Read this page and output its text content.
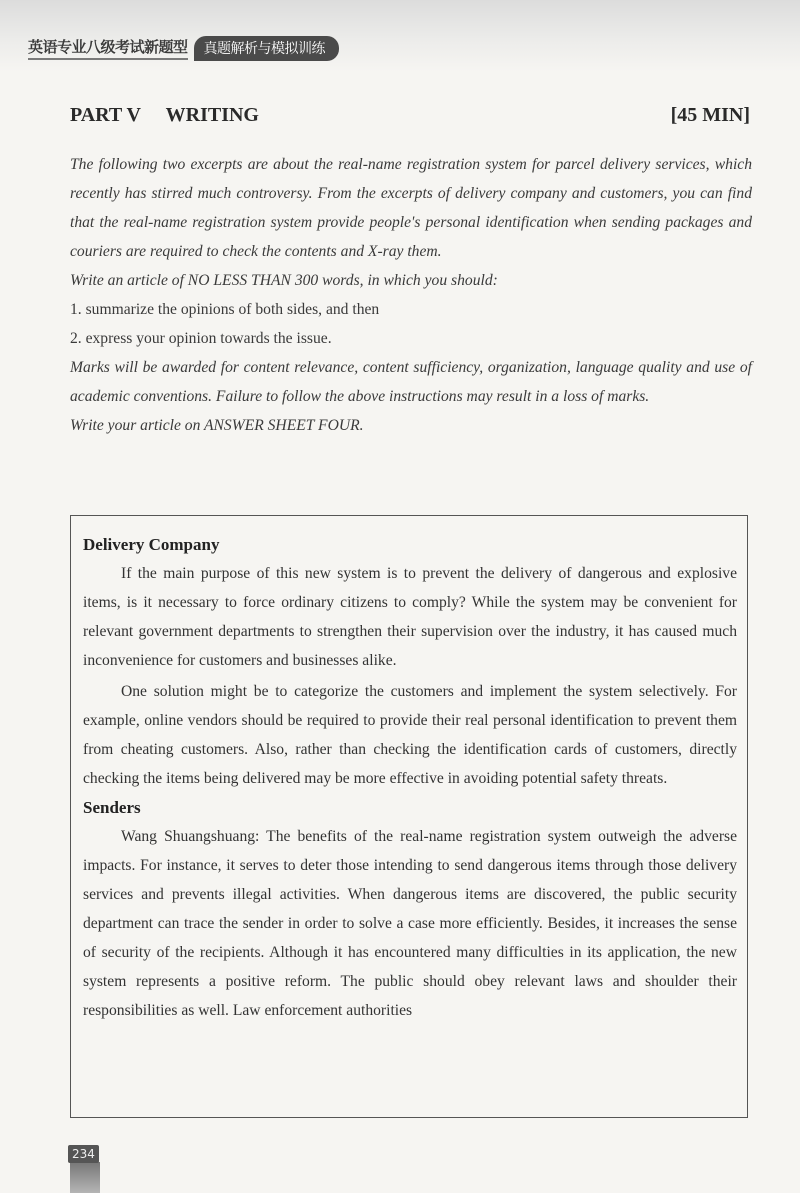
英语专业八级考试新题型	真题解析与模拟训练
PART V WRITING	[45 MIN]

The following two excerpts are about the real-name registration system for parcel delivery services, which recently has stirred much controversy. From the excerpts of delivery company and customers, you can find that the real-name registration system provide people's personal identification when sending packages and couriers are required to check the contents and X-ray them.

Write an article of NO LESS THAN 300 words, in which you should:

1. summarize the opinions of both sides, and then

2. express your opinion towards the issue.

Marks will be awarded for content relevance, content sufficiency, organization, language quality and use of academic conventions. Failure to follow the above instructions may result in a loss of marks.

Write your article on ANSWER SHEET FOUR.

Delivery Company

If the main purpose of this new system is to prevent the delivery of dangerous and explosive items, is it necessary to force ordinary citizens to comply? While the system may be convenient for relevant government departments to strengthen their supervision over the industry, it has caused much inconvenience for customers and businesses alike.

One solution might be to categorize the customers and implement the system selectively. For example, online vendors should be required to provide their real personal identification to prevent them from cheating customers. Also, rather than checking the identification cards of customers, directly checking the items being delivered may be more effective in avoiding potential safety threats.

Senders

Wang Shuangshuang: The benefits of the real-name registration system outweigh the adverse impacts. For instance, it serves to deter those intending to send dangerous items through those delivery services and prevents illegal activities. When dangerous items are discovered, the public security department can trace the sender in order to solve a case more efficiently. Besides, it increases the sense of security of the recipients. Although it has encountered many difficulties in its application, the new system represents a positive reform. The public should obey relevant laws and shoulder their responsibilities as well. Law enforcement authorities

234
